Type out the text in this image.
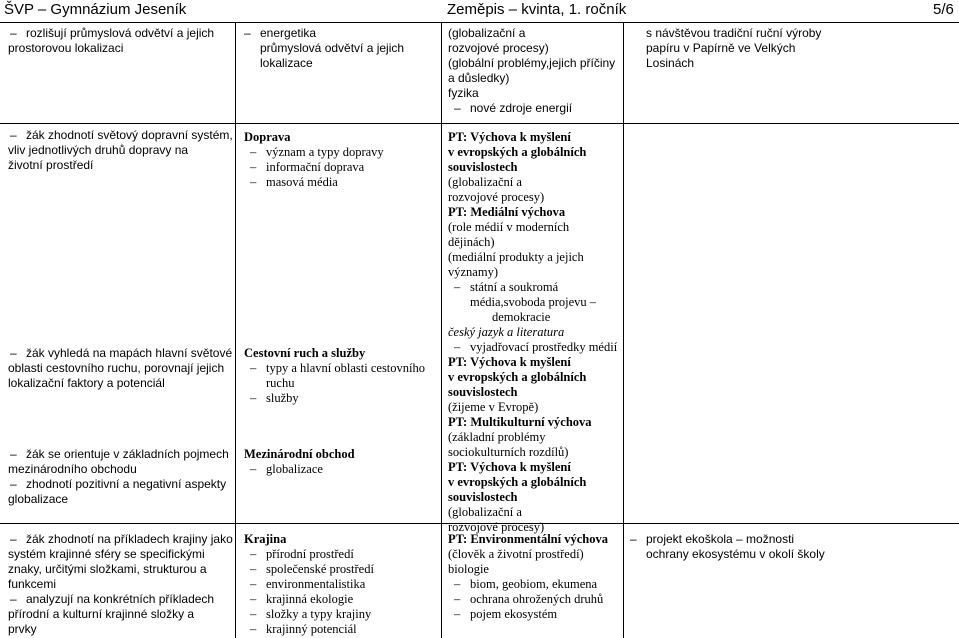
ŠVP – Gymnázium Jeseník	Zeměpis – kvinta, 1. ročník	5/6

– rozlišují průmyslová odvětví a jejich

prostorovou lokalizaci

– energetika

průmyslová odvětví a jejich

lokalizace

(globalizační a

rozvojové procesy)

(globální problémy,jejich příčiny

a důsledky)

fyzika

– nové zdroje energií

s návštěvou tradiční ruční výroby

papíru v Papírně ve Velkých

Losinách

– žák zhodnotí světový dopravní systém,

vliv jednotlivých druhů dopravy na

životní prostředí

– žák vyhledá na mapách hlavní světové

oblasti cestovního ruchu, porovnají jejich

lokalizační faktory a potenciál

– žák se orientuje v základních pojmech

mezinárodního obchodu

– zhodnotí pozitivní a negativní aspekty

globalizace

Doprava

– význam a typy dopravy

– informační doprava

– masová média

Cestovní ruch a služby

– typy a hlavní oblasti cestovního

ruchu

– služby

Mezinárodní obchod

– globalizace

PT: Výchova k myšlení

v evropských a globálních

souvislostech

(globalizační a

rozvojové procesy)

PT: Mediální výchova

(role médií v moderních

dějinách)

(mediální produkty a jejich

významy)

– státní a soukromá

média,svoboda projevu –

demokracie

český jazyk a literatura

– vyjadřovací prostředky médií

PT: Výchova k myšlení

v evropských a globálních

souvislostech

(žijeme v Evropě)

PT: Multikulturní výchova

(základní problémy

sociokulturních rozdílů)

PT: Výchova k myšlení

v evropských a globálních

souvislostech

(globalizační a

rozvojové procesy)

– žák zhodnotí na příkladech krajiny jako

systém krajinné sféry se specifickými

znaky, určitými složkami, strukturou a

funkcemi

– analyzují na konkrétních příkladech

přírodní a kulturní krajinné složky a

prvky

Krajina

– přírodní prostředí

– společenské prostředí

– environmentalistika

– krajinná ekologie

– složky a typy krajiny

– krajinný potenciál

PT: Environmentální výchova

(člověk a životní prostředí)

biologie

– biom, geobiom, ekumena

– ochrana ohrožených druhů

– pojem ekosystém

– projekt ekoškola – možnosti

ochrany ekosystému v okolí školy
